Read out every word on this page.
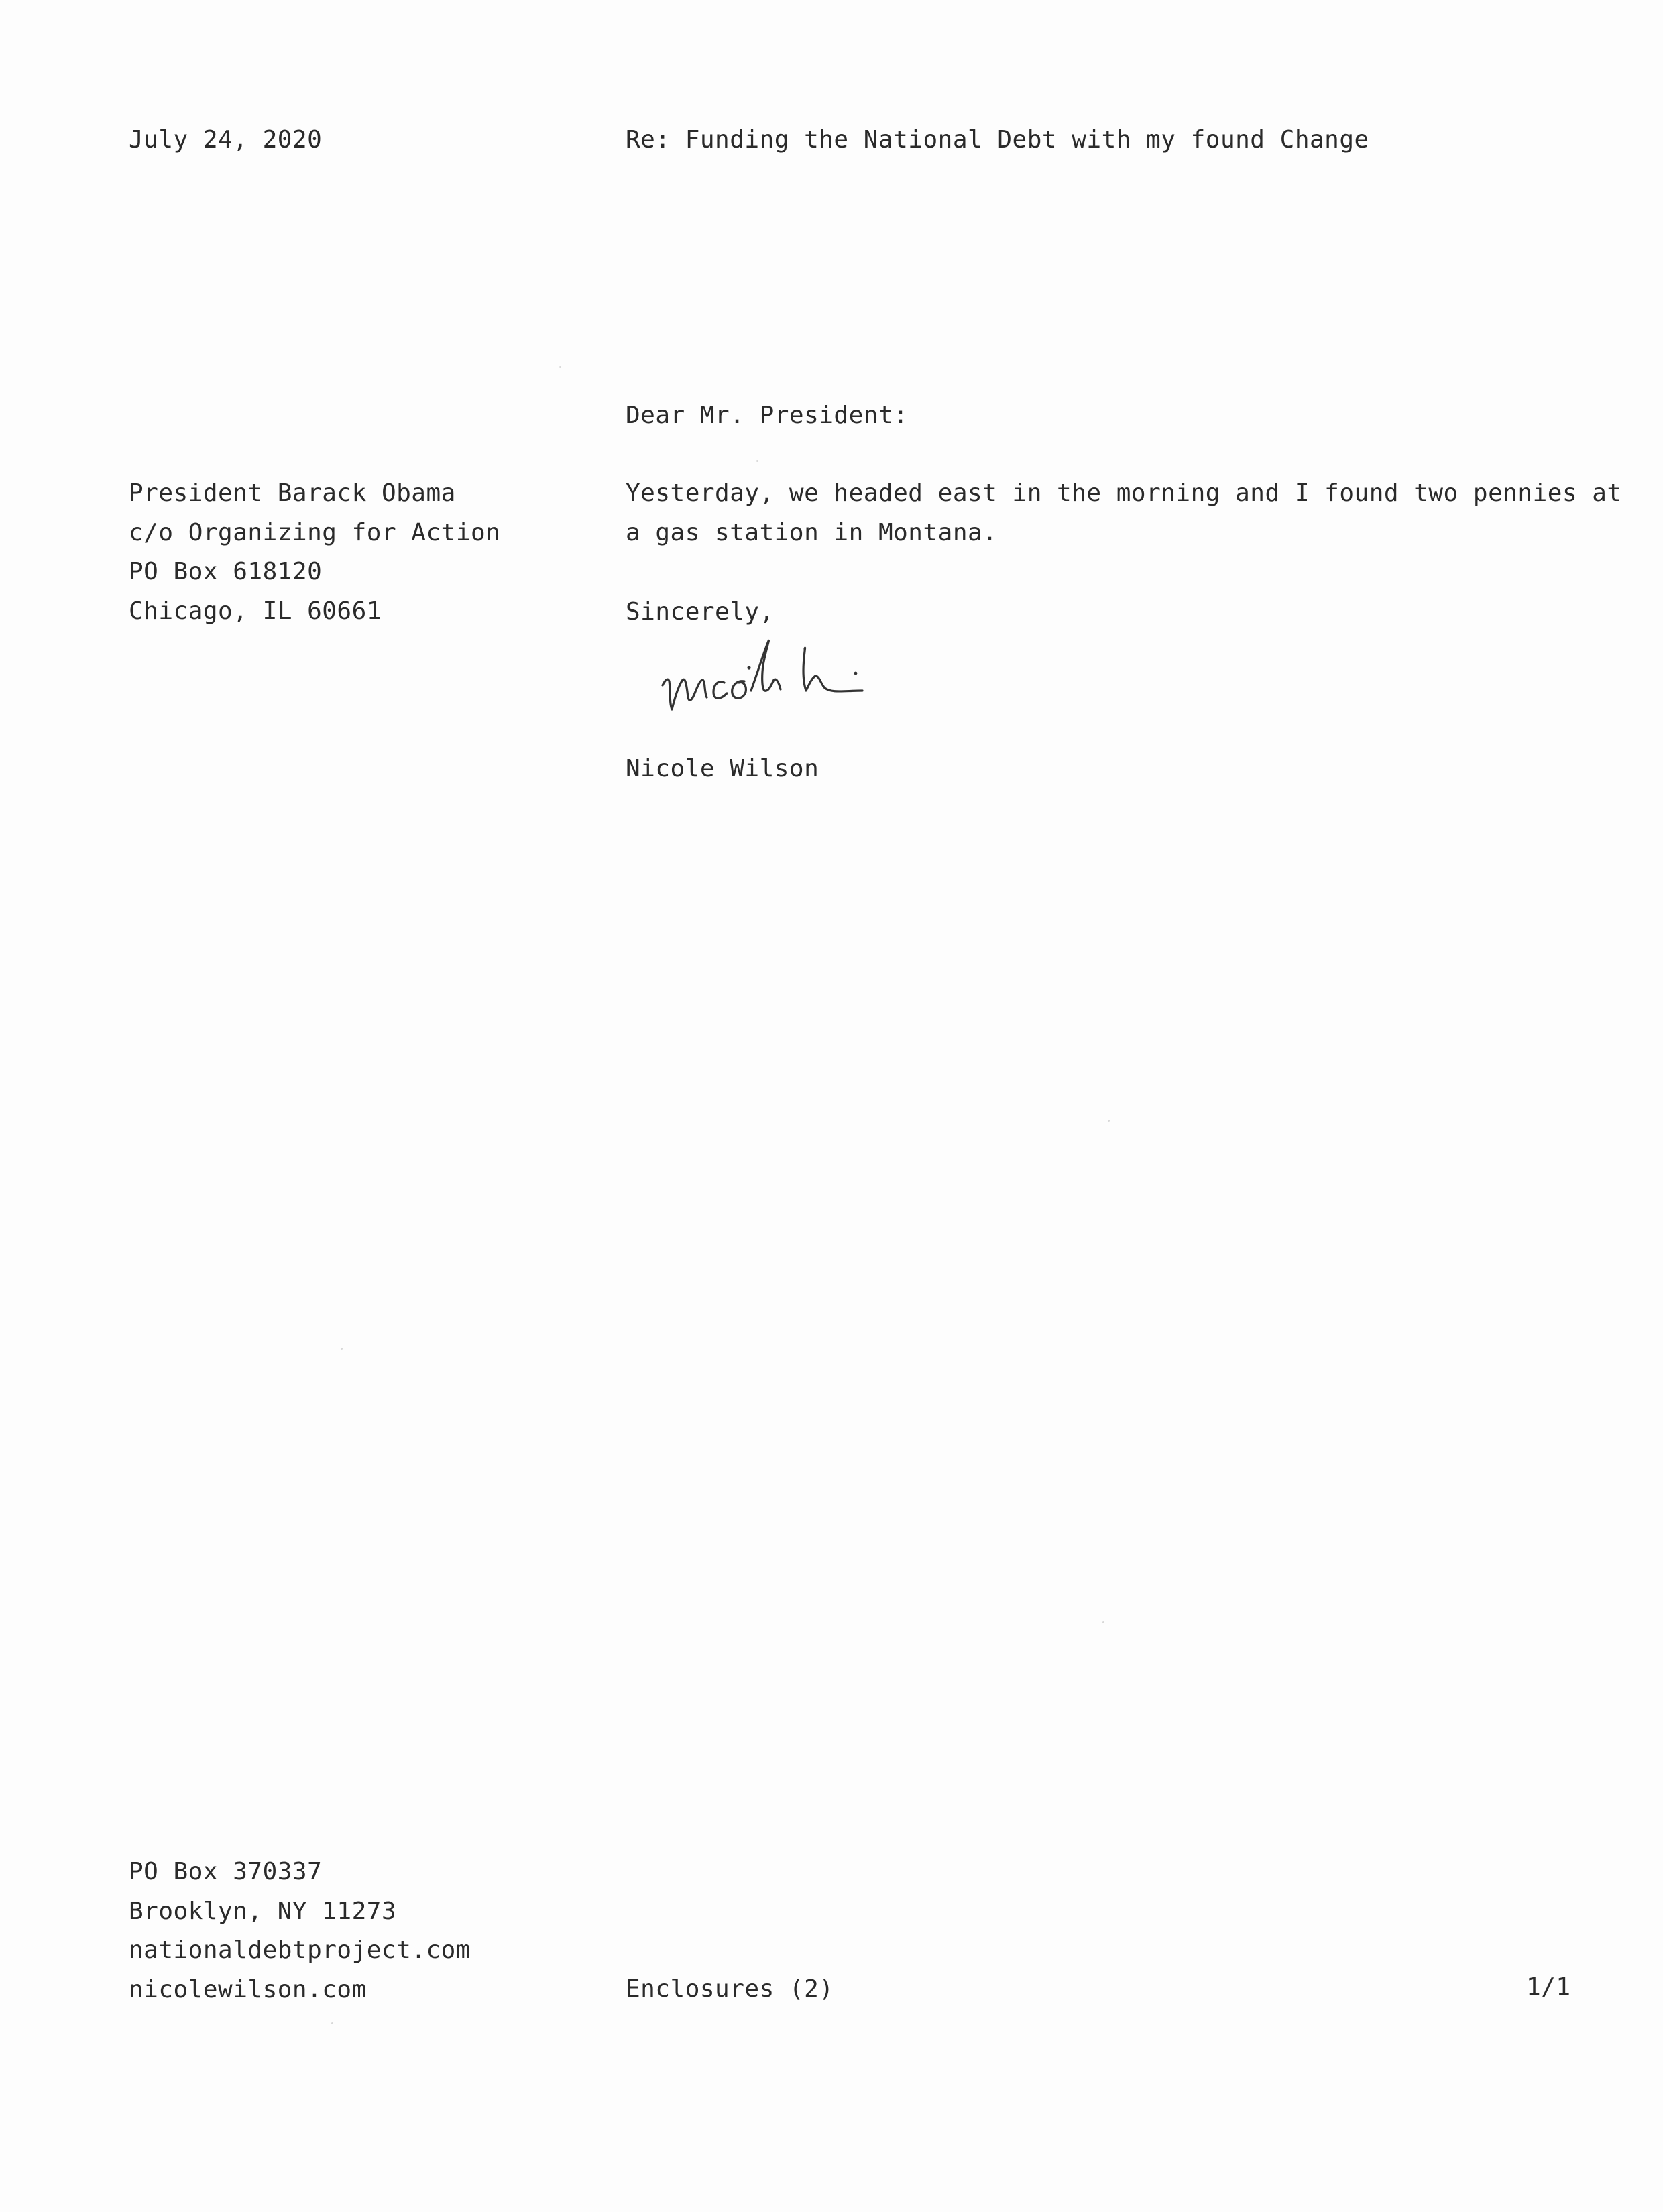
July 24, 2020	Re: Funding the National Debt with my found Change
Dear Mr. President:
President Barack Obama
c/o Organizing for Action
PO Box 618120
Chicago, IL 60661
Yesterday, we headed east in the morning and I found two pennies at
a gas station in Montana.
Sincerely,
Nicole Wilson
PO Box 370337
Brooklyn, NY 11273
nationaldebtproject.com
nicolewilson.com	Enclosures (2)	1/1
